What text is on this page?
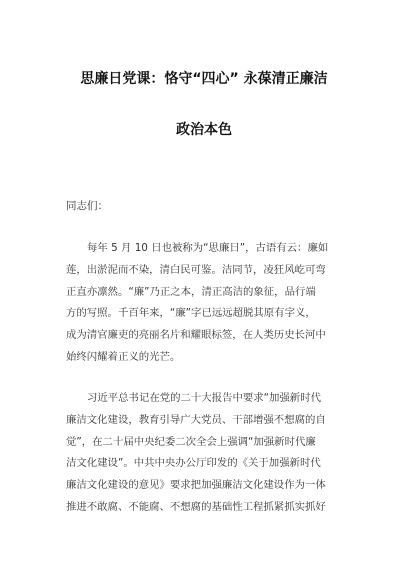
思廉日党课：恪守“四心” 永葆清正廉洁
政治本色
同志们：
每年 5 月 10 日也被称为“思廉日”，古语有云：廉如
莲，出淤泥而不染，清白民可鉴。洁同节，凌狂风屹可弯
正直亦凛然。“廉”乃正之本，清正高洁的象征，品行端
方的写照。千百年来，“廉”字已远远超脱其原有字义，
成为清官廉吏的亮丽名片和耀眼标签，在人类历史长河中
始终闪耀着正义的光芒。
习近平总书记在党的二十大报告中要求“加强新时代
廉洁文化建设，教育引导广大党员、干部增强不想腐的自
觉”，在二十届中央纪委二次全会上强调“加强新时代廉
洁文化建设”。中共中央办公厅印发的《关于加强新时代
廉洁文化建设的意见》要求把加强廉洁文化建设作为一体
推进不敢腐、不能腐、不想腐的基础性工程抓紧抓实抓好
